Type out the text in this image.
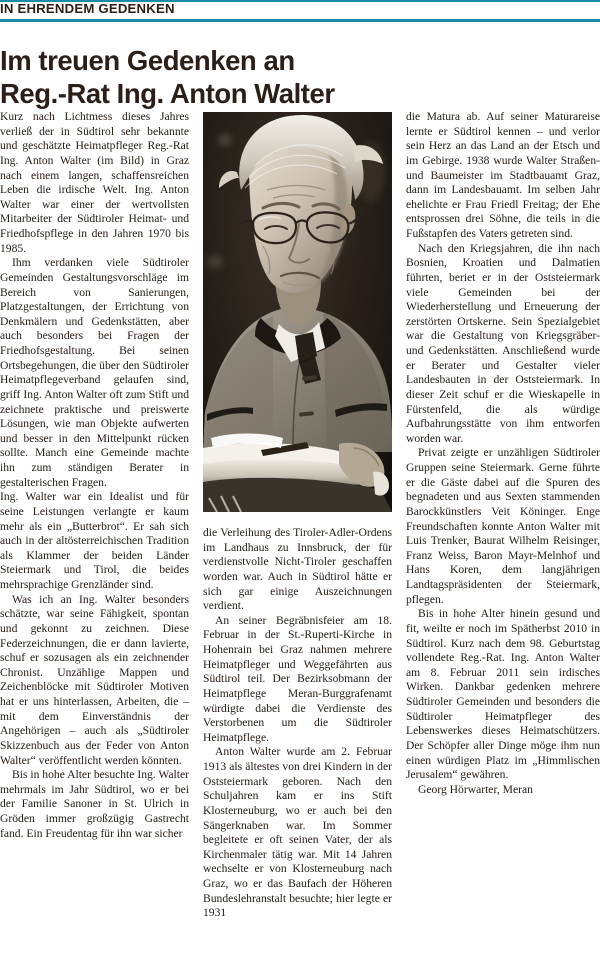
IN EHRENDEM GEDENKEN
Im treuen Gedenken an
Reg.-Rat Ing. Anton Walter

Kurz nach Lichtmess dieses Jahres verließ der in Südtirol sehr bekannte und geschätzte Heimatpfleger Reg.-Rat Ing. Anton Walter (im Bild) in Graz nach einem langen, schaffensreichen Leben die irdische Welt. Ing. Anton Walter war einer der wertvollsten Mitarbeiter der Südtiroler Heimat- und Friedhofspflege in den Jahren 1970 bis 1985.

Ihm verdanken viele Südtiroler Gemeinden Gestaltungsvorschläge im Bereich von Sanierungen, Platzgestaltungen, der Errichtung von Denkmälern und Gedenkstätten, aber auch besonders bei Fragen der Friedhofsgestaltung. Bei seinen Ortsbegehungen, die über den Südtiroler Heimatpflegeverband gelaufen sind, griff Ing. Anton Walter oft zum Stift und zeichnete praktische und preiswerte Lösungen, wie man Objekte aufwerten und besser in den Mittelpunkt rücken sollte. Manch eine Gemeinde machte ihn zum ständigen Berater in gestalterischen Fragen.

Ing. Walter war ein Idealist und für seine Leistungen verlangte er kaum mehr als ein „Butterbrot“. Er sah sich auch in der altösterreichischen Tradition als Klammer der beiden Länder Steiermark und Tirol, die beides mehrsprachige Grenzländer sind.

Was ich an Ing. Walter besonders schätzte, war seine Fähigkeit, spontan und gekonnt zu zeichnen. Diese Federzeichnungen, die er dann lavierte, schuf er sozusagen als ein zeichnender Chronist. Unzählige Mappen und Zeichenblöcke mit Südtiroler Motiven hat er uns hinterlassen, Arbeiten, die – mit dem Einverständnis der Angehörigen – auch als „Südtiroler Skizzenbuch aus der Feder von Anton Walter“ veröffentlicht werden könnten.

Bis in hohe Alter besuchte Ing. Walter mehrmals im Jahr Südtirol, wo er bei der Familie Sanoner in St. Ulrich in Gröden immer großzügig Gastrecht fand. Ein Freudentag für ihn war sicher

die Verleihung des Tiroler-Adler-Ordens im Landhaus zu Innsbruck, der für verdienstvolle Nicht-Tiroler geschaffen worden war. Auch in Südtirol hätte er sich gar einige Auszeichnungen verdient.

An seiner Begräbnisfeier am 18. Februar in der St.-Ruperti-Kirche in Hohenrain bei Graz nahmen mehrere Heimatpfleger und Weggefährten aus Südtirol teil. Der Bezirksobmann der Heimatpflege Meran-Burggrafenamt würdigte dabei die Verdienste des Verstorbenen um die Südtiroler Heimatpflege.

Anton Walter wurde am 2. Februar 1913 als ältestes von drei Kindern in der Oststeiermark geboren. Nach den Schuljahren kam er ins Stift Klosterneuburg, wo er auch bei den Sängerknaben war. Im Sommer begleitete er oft seinen Vater, der als Kirchenmaler tätig war. Mit 14 Jahren wechselte er von Klosterneuburg nach Graz, wo er das Baufach der Höheren Bundeslehranstalt besuchte; hier legte er 1931

die Matura ab. Auf seiner Maturareise lernte er Südtirol kennen – und verlor sein Herz an das Land an der Etsch und im Gebirge. 1938 wurde Walter Straßen- und Baumeister im Stadtbauamt Graz, dann im Landesbauamt. Im selben Jahr ehelichte er Frau Friedl Freitag; der Ehe entsprossen drei Söhne, die teils in die Fußstapfen des Vaters getreten sind.

Nach den Kriegsjahren, die ihn nach Bosnien, Kroatien und Dalmatien führten, beriet er in der Oststeiermark viele Gemeinden bei der Wiederherstellung und Erneuerung der zerstörten Ortskerne. Sein Spezialgebiet war die Gestaltung von Kriegsgräber- und Gedenkstätten. Anschließend wurde er Berater und Gestalter vieler Landesbauten in der Oststeiermark. In dieser Zeit schuf er die Wieskapelle in Fürstenfeld, die als würdige Aufbahrungsstätte von ihm entworfen worden war.

Privat zeigte er unzähligen Südtiroler Gruppen seine Steiermark. Gerne führte er die Gäste dabei auf die Spuren des begnadeten und aus Sexten stammenden Barockkünstlers Veit Köninger. Enge Freundschaften konnte Anton Walter mit Luis Trenker, Baurat Wilhelm Reisinger, Franz Weiss, Baron Mayr-Melnhof und Hans Koren, dem langjährigen Landtagspräsidenten der Steiermark, pflegen.

Bis in hohe Alter hinein gesund und fit, weilte er noch im Spätherbst 2010 in Südtirol. Kurz nach dem 98. Geburtstag vollendete Reg.-Rat. Ing. Anton Walter am 8. Februar 2011 sein irdisches Wirken. Dankbar gedenken mehrere Südtiroler Gemeinden und besonders die Südtiroler Heimatpfleger des Lebenswerkes dieses Heimatschützers. Der Schöpfer aller Dinge möge ihm nun einen würdigen Platz im „Himmlischen Jerusalem“ gewähren.

Georg Hörwarter, Meran
